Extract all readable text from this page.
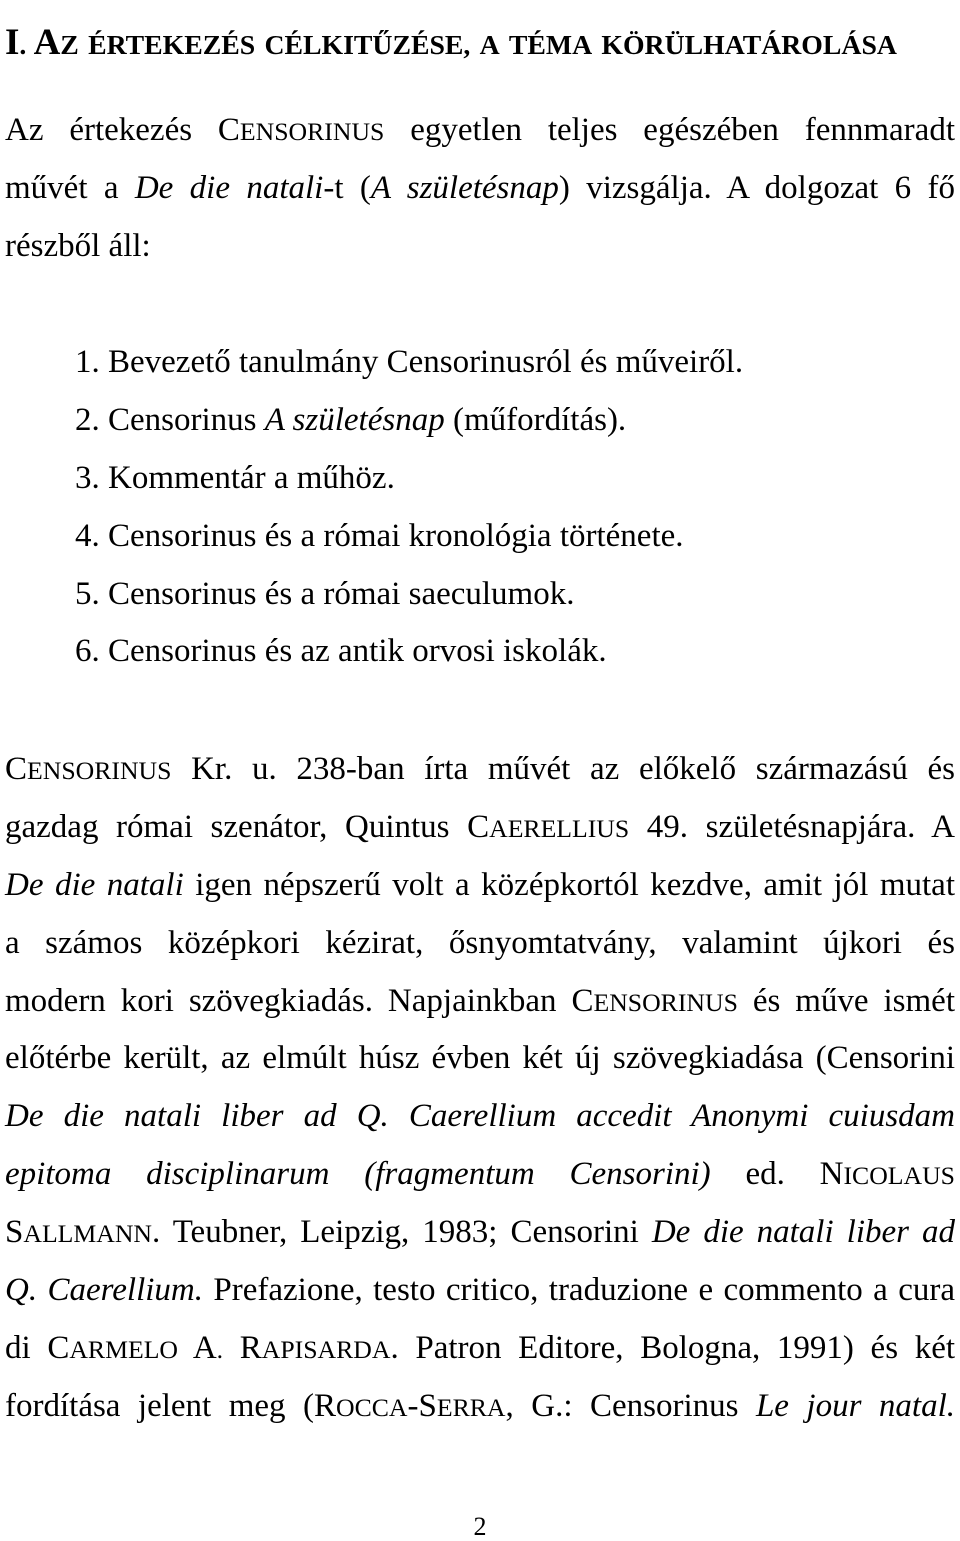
I. AZ ÉRTEKEZÉS CÉLKITŰZÉSE, A TÉMA KÖRÜLHATÁROLÁSA
Az értekezés CENSORINUS egyetlen teljes egészében fennmaradt
művét a De die natali-t (A születésnap) vizsgálja. A dolgozat 6 fő
részből áll:
1. Bevezető tanulmány Censorinusról és műveiről.
2. Censorinus A születésnap (műfordítás).
3. Kommentár a műhöz.
4. Censorinus és a római kronológia története.
5. Censorinus és a római saeculumok.
6. Censorinus és az antik orvosi iskolák.
CENSORINUS Kr. u. 238-ban írta művét az előkelő származású és
gazdag római szenátor, Quintus CAERELLIUS 49. születésnapjára. A
De die natali igen népszerű volt a középkortól kezdve, amit jól mutat
a számos középkori kézirat, ősnyomtatvány, valamint újkori és
modern kori szövegkiadás. Napjainkban CENSORINUS és műve ismét
előtérbe került, az elmúlt húsz évben két új szövegkiadása (Censorini
De die natali liber ad Q. Caerellium accedit Anonymi cuiusdam
epitoma disciplinarum (fragmentum Censorini) ed. NICOLAUS
SALLMANN. Teubner, Leipzig, 1983; Censorini De die natali liber ad
Q. Caerellium. Prefazione, testo critico, traduzione e commento a cura
di CARMELO A. RAPISARDA. Patron Editore, Bologna, 1991) és két
fordítása jelent meg (ROCCA-SERRA, G.: Censorinus Le jour natal.
2
